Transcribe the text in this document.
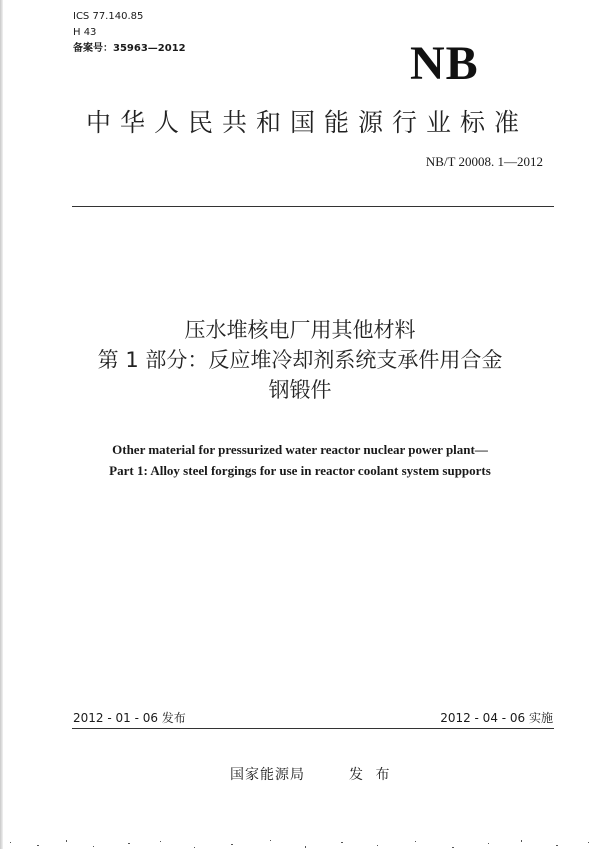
ICS 77.140.85
H 43
备案号：35963—2012	NB
中华人民共和国能源行业标准
NB/T 20008. 1—2012
压水堆核电厂用其他材料
第 1 部分：反应堆冷却剂系统支承件用合金
钢锻件
Other material for pressurized water reactor nuclear power plant—
Part 1: Alloy steel forgings for use in reactor coolant system supports
2012 - 01 - 06 发布	2012 - 04 - 06 实施
国家能源局	发 布
